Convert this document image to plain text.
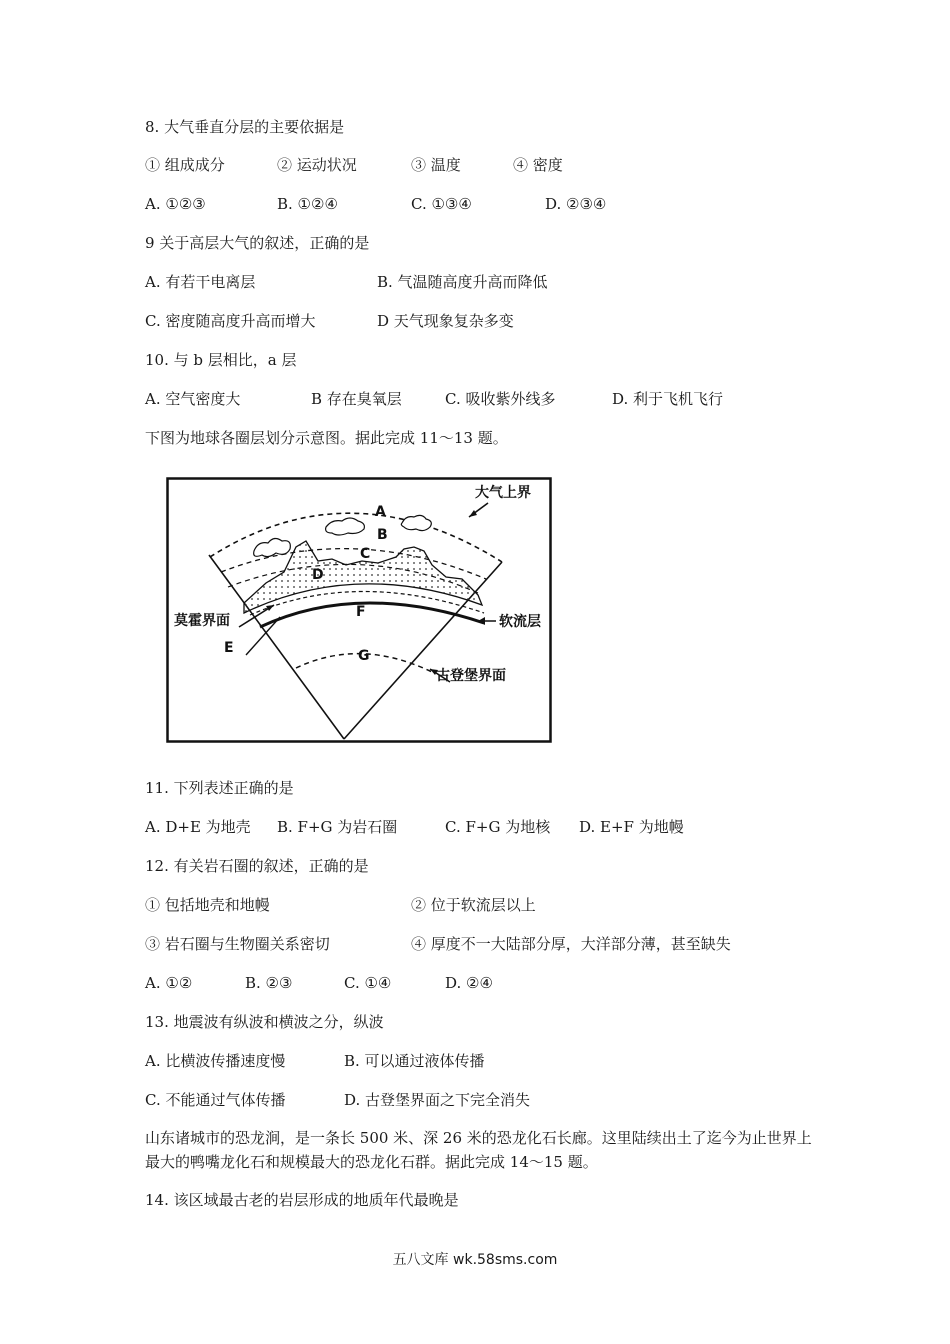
8. 大气垂直分层的主要依据是
① 组成成分	② 运动状况	③ 温度	④ 密度
A. ①②③	B. ①②④	C. ①③④	D. ②③④
9 关于高层大气的叙述，正确的是
A. 有若干电离层	B. 气温随高度升高而降低
C. 密度随高度升高而增大	D 天气现象复杂多变
10. 与 b 层相比，a 层
A. 空气密度大	B 存在臭氧层	C. 吸收紫外线多	D. 利于飞机飞行
下图为地球各圈层划分示意图。据此完成 11～13 题。
大气上界
莫霍界面	软流层
古登堡界面
A
B
C
D
E
F
G
11. 下列表述正确的是
A. D+E 为地壳 B. F+G 为岩石圈	C. F+G 为地核 D. E+F 为地幔
12. 有关岩石圈的叙述，正确的是
① 包括地壳和地幔	② 位于软流层以上
③ 岩石圈与生物圈关系密切	④ 厚度不一大陆部分厚，大洋部分薄，甚至缺失
A. ①②	B. ②③	C. ①④	D. ②④
13. 地震波有纵波和横波之分，纵波
A. 比横波传播速度慢	B. 可以通过液体传播
C. 不能通过气体传播	D. 古登堡界面之下完全消失
山东诸城市的恐龙涧，是一条长 500 米、深 26 米的恐龙化石长廊。这里陆续出土了迄今为止世界上最大的鸭嘴龙化石和规模最大的恐龙化石群。据此完成 14～15 题。
14. 该区域最古老的岩层形成的地质年代最晚是
五八文库 wk.58sms.com
